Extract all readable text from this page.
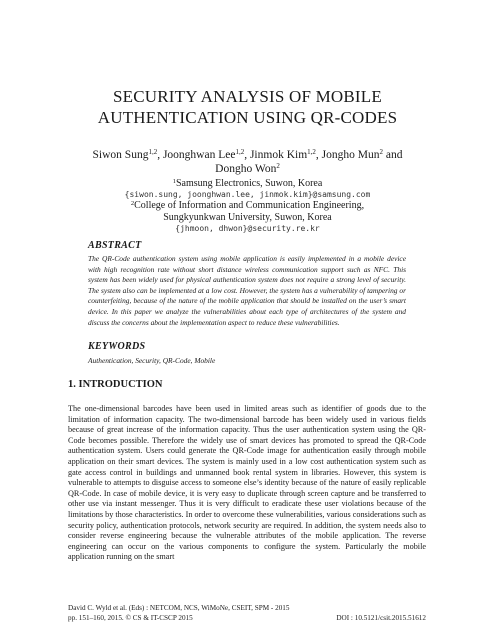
SECURITY ANALYSIS OF MOBILE
AUTHENTICATION USING QR-CODES
Siwon Sung$^{1,2}$, Joonghwan Lee$^{1,2}$, Jinmok Kim$^{1,2}$, Jongho Mun$^2$ and
Dongho Won$^2$
$^1$Samsung Electronics, Suwon, Korea
{siwon.sung, joonghwan.lee, jinmok.kim}@samsung.com
$^2$College of Information and Communication Engineering,
Sungkyunkwan University, Suwon, Korea
{jhmoon, dhwon}@security.re.kr
ABSTRACT
The QR-Code authentication system using mobile application is easily implemented in a mobile device with high recognition rate without short distance wireless communication support such as NFC. This system has been widely used for physical authentication system does not require a strong level of security. The system also can be implemented at a low cost. However, the system has a vulnerability of tampering or counterfeiting, because of the nature of the mobile application that should be installed on the user’s smart device. In this paper we analyze the vulnerabilities about each type of architectures of the system and discuss the concerns about the implementation aspect to reduce these vulnerabilities.
KEYWORDS
Authentication, Security, QR-Code, Mobile
1. INTRODUCTION
The one-dimensional barcodes have been used in limited areas such as identifier of goods due to the limitation of information capacity. The two-dimensional barcode has been widely used in various fields because of great increase of the information capacity. Thus the user authentication system using the QR-Code becomes possible. Therefore the widely use of smart devices has promoted to spread the QR-Code authentication system. Users could generate the QR-Code image for authentication easily through mobile application on their smart devices. The system is mainly used in a low cost authentication system such as gate access control in buildings and unmanned book rental system in libraries. However, this system is vulnerable to attempts to disguise access to someone else’s identity because of the nature of easily replicable QR-Code. In case of mobile device, it is very easy to duplicate through screen capture and be transferred to other use via instant messenger. Thus it is very difficult to eradicate these user violations because of the limitations by those characteristics. In order to overcome these vulnerabilities, various considerations such as security policy, authentication protocols, network security are required. In addition, the system needs also to consider reverse engineering because the vulnerable attributes of the mobile application. The reverse engineering can occur on the various components to configure the system. Particularly the mobile application running on the smart
David C. Wyld et al. (Eds) : NETCOM, NCS, WiMoNe, CSEIT, SPM - 2015
pp. 151–160, 2015. © CS & IT-CSCP 2015	DOI : 10.5121/csit.2015.51612
